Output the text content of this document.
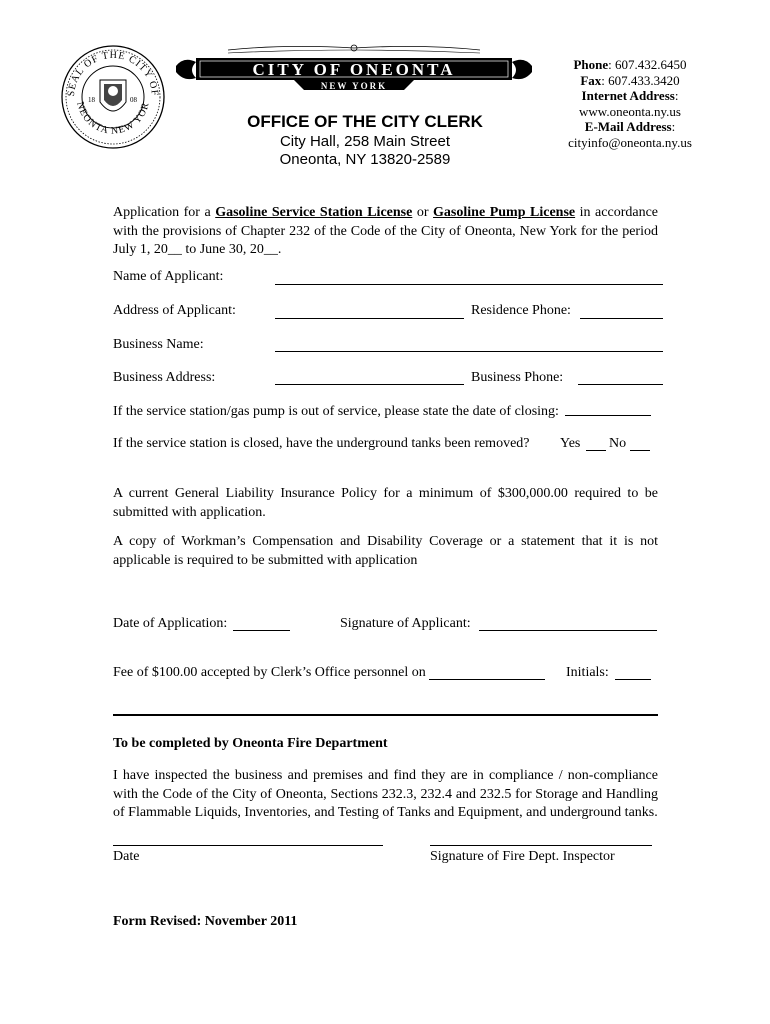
SEAL OF THE CITY OF
NEONTA NEW YOR
18	08
CITY OF ONEONTA
NEW YORK
OFFICE OF THE CITY CLERK
City Hall, 258 Main Street
Oneonta, NY 13820-2589
Phone: 607.432.6450
Fax: 607.433.3420
Internet Address:
www.oneonta.ny.us
E-Mail Address:
cityinfo@oneonta.ny.us
Application for a Gasoline Service Station License or Gasoline Pump License in accordance with the provisions of Chapter 232 of the Code of the City of Oneonta, New York for the period July 1, 20__ to June 30, 20__.
Name of Applicant:
Address of Applicant:	Residence Phone:
Business Name:
Business Address:	Business Phone:
If the service station/gas pump is out of service, please state the date of closing:
If the service station is closed, have the underground tanks been removed? Yes No
A current General Liability Insurance Policy for a minimum of $300,000.00 required to be submitted with application.
A copy of Workman’s Compensation and Disability Coverage or a statement that it is not applicable is required to be submitted with application
Date of Application:	Signature of Applicant:
Fee of $100.00 accepted by Clerk’s Office personnel on	Initials:
To be completed by Oneonta Fire Department
I have inspected the business and premises and find they are in compliance / non-compliance with the Code of the City of Oneonta, Sections 232.3, 232.4 and 232.5 for Storage and Handling of Flammable Liquids, Inventories, and Testing of Tanks and Equipment, and underground tanks.
Date	Signature of Fire Dept. Inspector
Form Revised: November 2011
